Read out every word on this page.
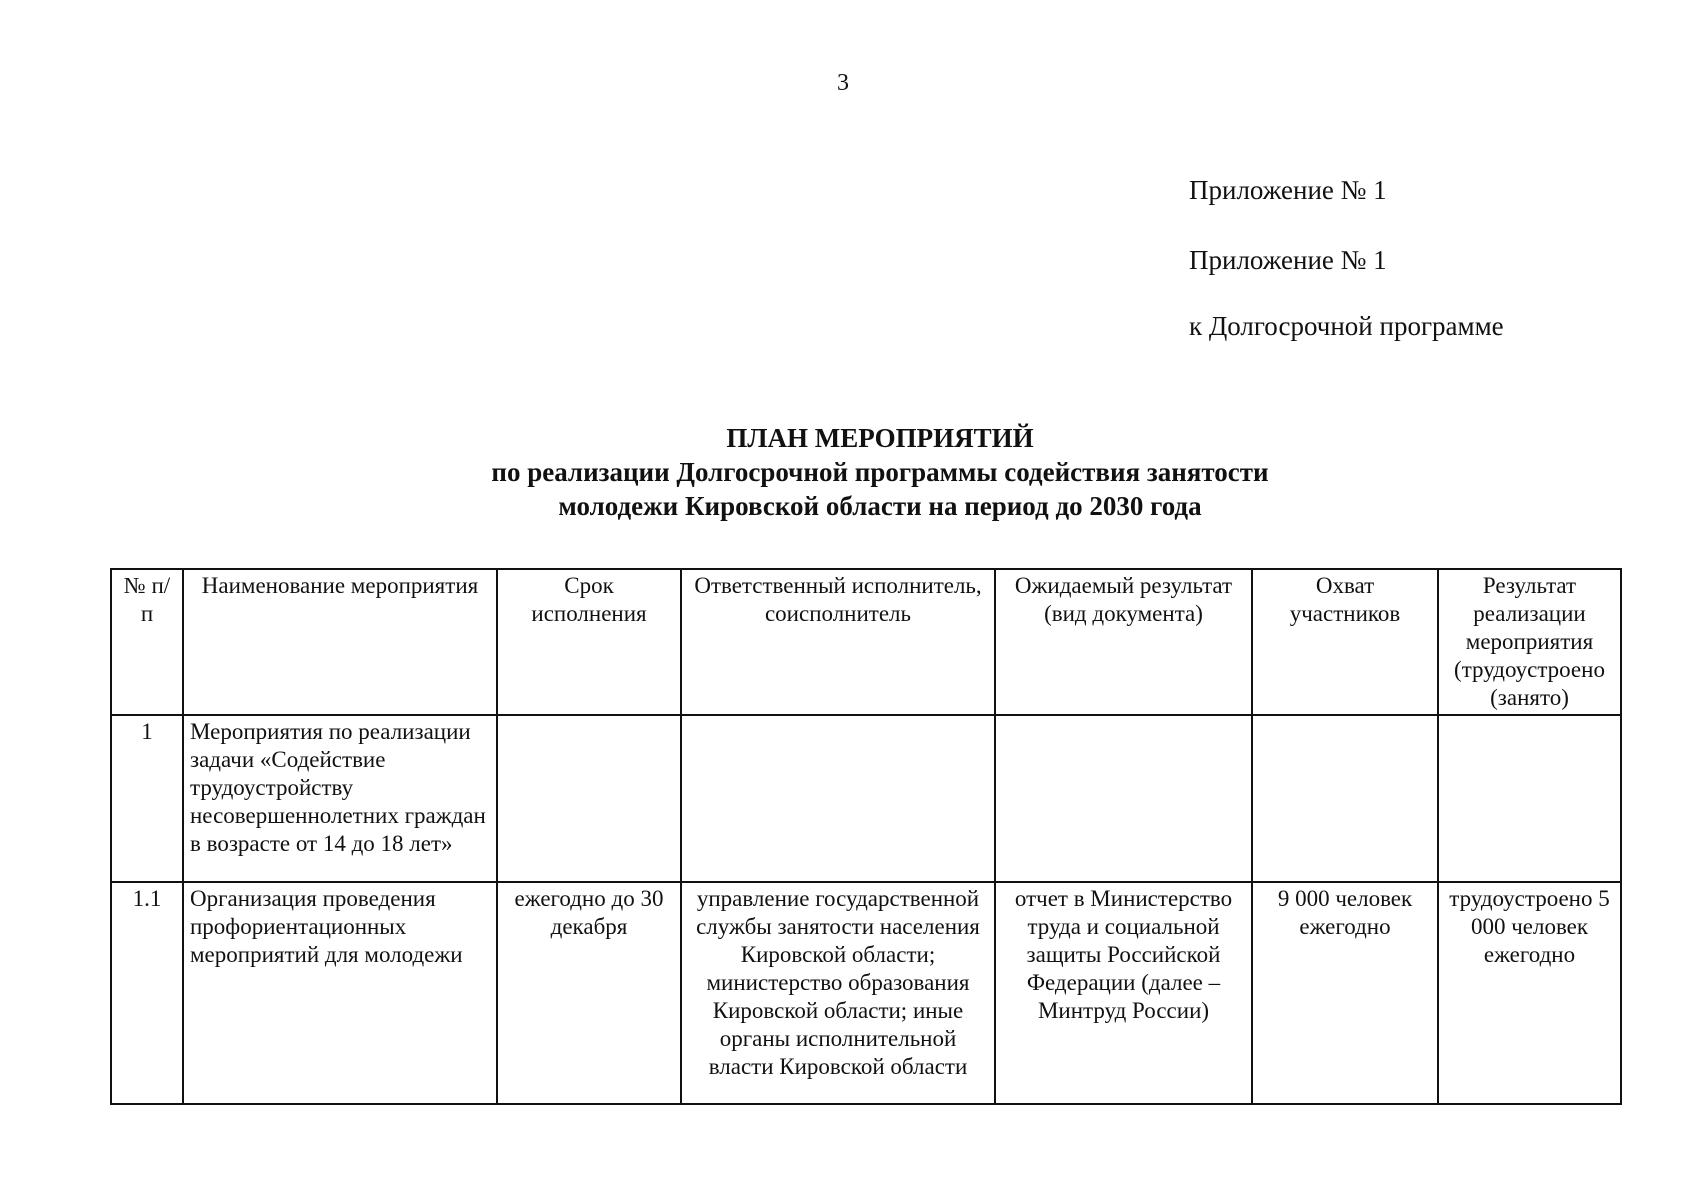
3
Приложение № 1
Приложение № 1
к Долгосрочной программе
ПЛАН МЕРОПРИЯТИЙ
по реализации Долгосрочной программы содействия занятости
молодежи Кировской области на период до 2030 года
№ п/п	Наименование мероприятия	Срок исполнения	Ответственный исполнитель, соисполнитель	Ожидаемый результат (вид документа)	Охват участников	Результат реализации мероприятия (трудоустроено (занято)
1	Мероприятия по реализации задачи «Содействие трудоустройству несовершеннолетних граждан в возрасте от 14 до 18 лет»					
1.1	Организация проведения профориентационных мероприятий для молодежи	ежегодно до 30 декабря	управление государственной службы занятости населения Кировской области; министерство образования Кировской области; иные органы исполнительной власти Кировской области	отчет в Министерство труда и социальной защиты Российской Федерации (далее – Минтруд России)	9 000 человек ежегодно	трудоустроено 5 000 человек ежегодно
